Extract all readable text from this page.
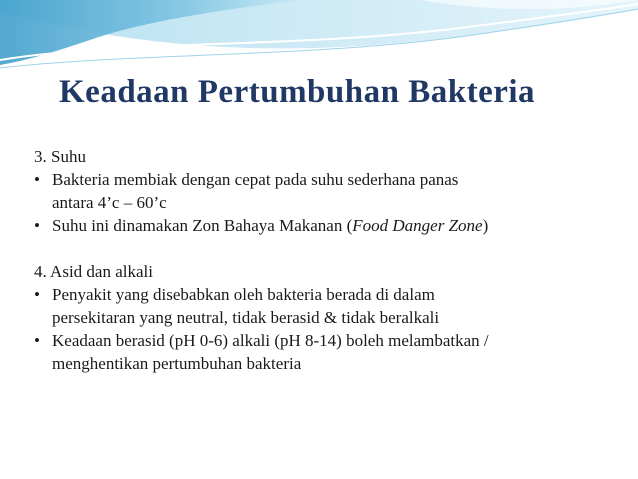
Keadaan Pertumbuhan Bakteria

3. Suhu

• Bakteria membiak dengan cepat pada suhu sederhana panas
antara 4’c – 60’c
• Suhu ini dinamakan Zon Bahaya Makanan (Food Danger Zone)

4. Asid dan alkali

• Penyakit yang disebabkan oleh bakteria berada di dalam
persekitaran yang neutral, tidak berasid & tidak beralkali
• Keadaan berasid (pH 0-6) alkali (pH 8-14) boleh melambatkan /
menghentikan pertumbuhan bakteria
